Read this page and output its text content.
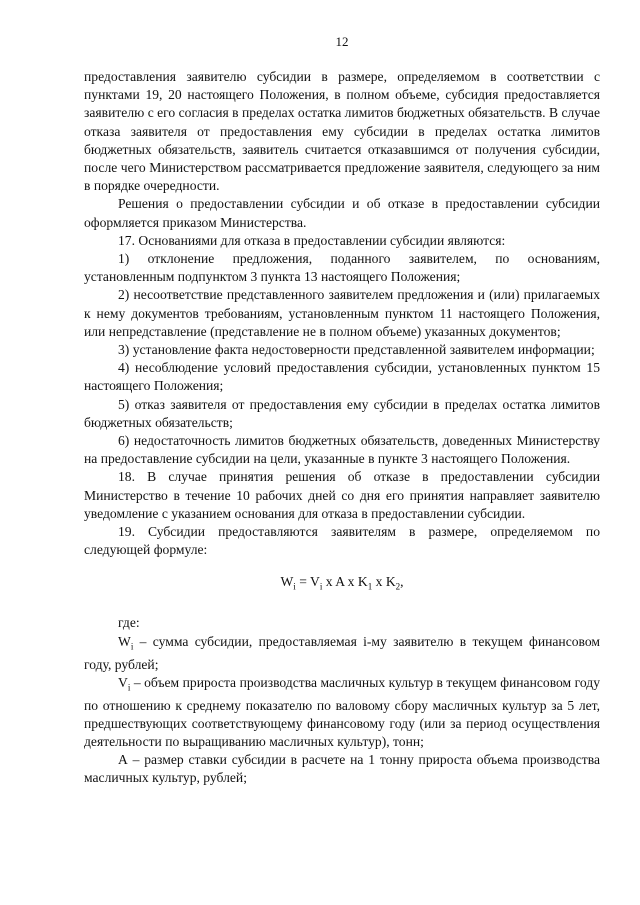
12

предоставления заявителю субсидии в размере, определяемом в соответствии с пунктами 19, 20 настоящего Положения, в полном объеме, субсидия предоставляется заявителю с его согласия в пределах остатка лимитов бюджетных обязательств. В случае отказа заявителя от предоставления ему субсидии в пределах остатка лимитов бюджетных обязательств, заявитель считается отказавшимся от получения субсидии, после чего Министерством рассматривается предложение заявителя, следующего за ним в порядке очередности.

Решения о предоставлении субсидии и об отказе в предоставлении субсидии оформляется приказом Министерства.

17. Основаниями для отказа в предоставлении субсидии являются:

1) отклонение предложения, поданного заявителем, по основаниям, установленным подпунктом 3 пункта 13 настоящего Положения;

2) несоответствие представленного заявителем предложения и (или) прилагаемых к нему документов требованиям, установленным пунктом 11 настоящего Положения, или непредставление (представление не в полном объеме) указанных документов;

3) установление факта недостоверности представленной заявителем информации;

4) несоблюдение условий предоставления субсидии, установленных пунктом 15 настоящего Положения;

5) отказ заявителя от предоставления ему субсидии в пределах остатка лимитов бюджетных обязательств;

6) недостаточность лимитов бюджетных обязательств, доведенных Министерству на предоставление субсидии на цели, указанные в пункте 3 настоящего Положения.

18. В случае принятия решения об отказе в предоставлении субсидии Министерство в течение 10 рабочих дней со дня его принятия направляет заявителю уведомление с указанием основания для отказа в предоставлении субсидии.

19. Субсидии предоставляются заявителям в размере, определяемом по следующей формуле:

$W_i = V_i$ x A x $K_1$ x $K_2$,

где:

$W_i$ – сумма субсидии, предоставляемая i-му заявителю в текущем финансовом году, рублей;

$V_i$ – объем прироста производства масличных культур в текущем финансовом году по отношению к среднему показателю по валовому сбору масличных культур за 5 лет, предшествующих соответствующему финансовому году (или за период осуществления деятельности по выращиванию масличных культур), тонн;

А – размер ставки субсидии в расчете на 1 тонну прироста объема производства масличных культур, рублей;
